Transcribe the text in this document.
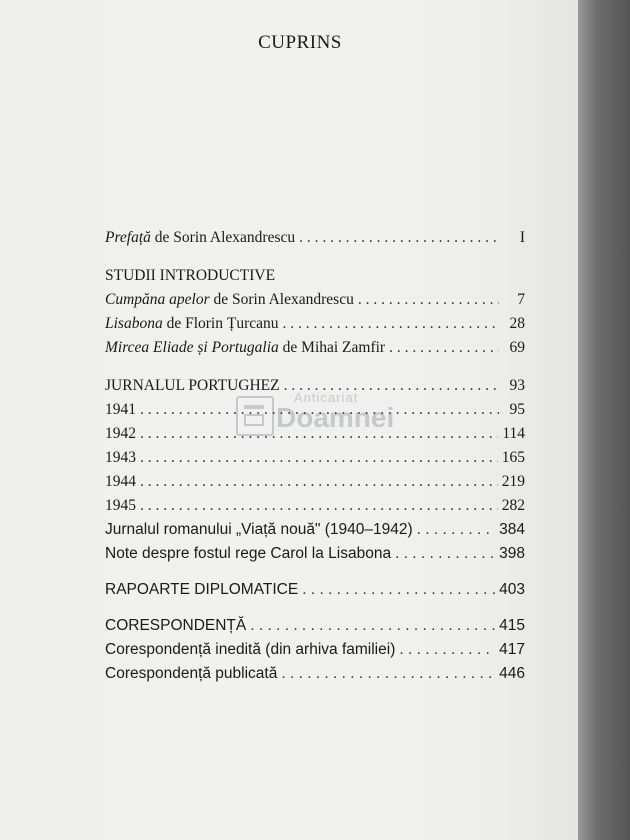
Anticariat
Doamnei
CUPRINS
Prefață de Sorin Alexandrescu . . .	I
STUDII INTRODUCTIVE
Cumpăna apelor de Sorin Alexandrescu . . .	7
Lisabona de Florin Țurcanu . . .	28
Mircea Eliade și Portugalia de Mihai Zamfir . . .	69
JURNALUL PORTUGHEZ . . .	93
1941 . . .	95
1942 . . .	114
1943 . . .	165
1944 . . .	219
1945 . . .	282
Jurnalul romanului „Viață nouă" (1940–1942) . . .	384
Note despre fostul rege Carol la Lisabona . . .	398
RAPOARTE DIPLOMATICE . . .	403
CORESPONDENȚĂ . . .	415
Corespondență inedită (din arhiva familiei) . . .	417
Corespondență publicată . . .	446
